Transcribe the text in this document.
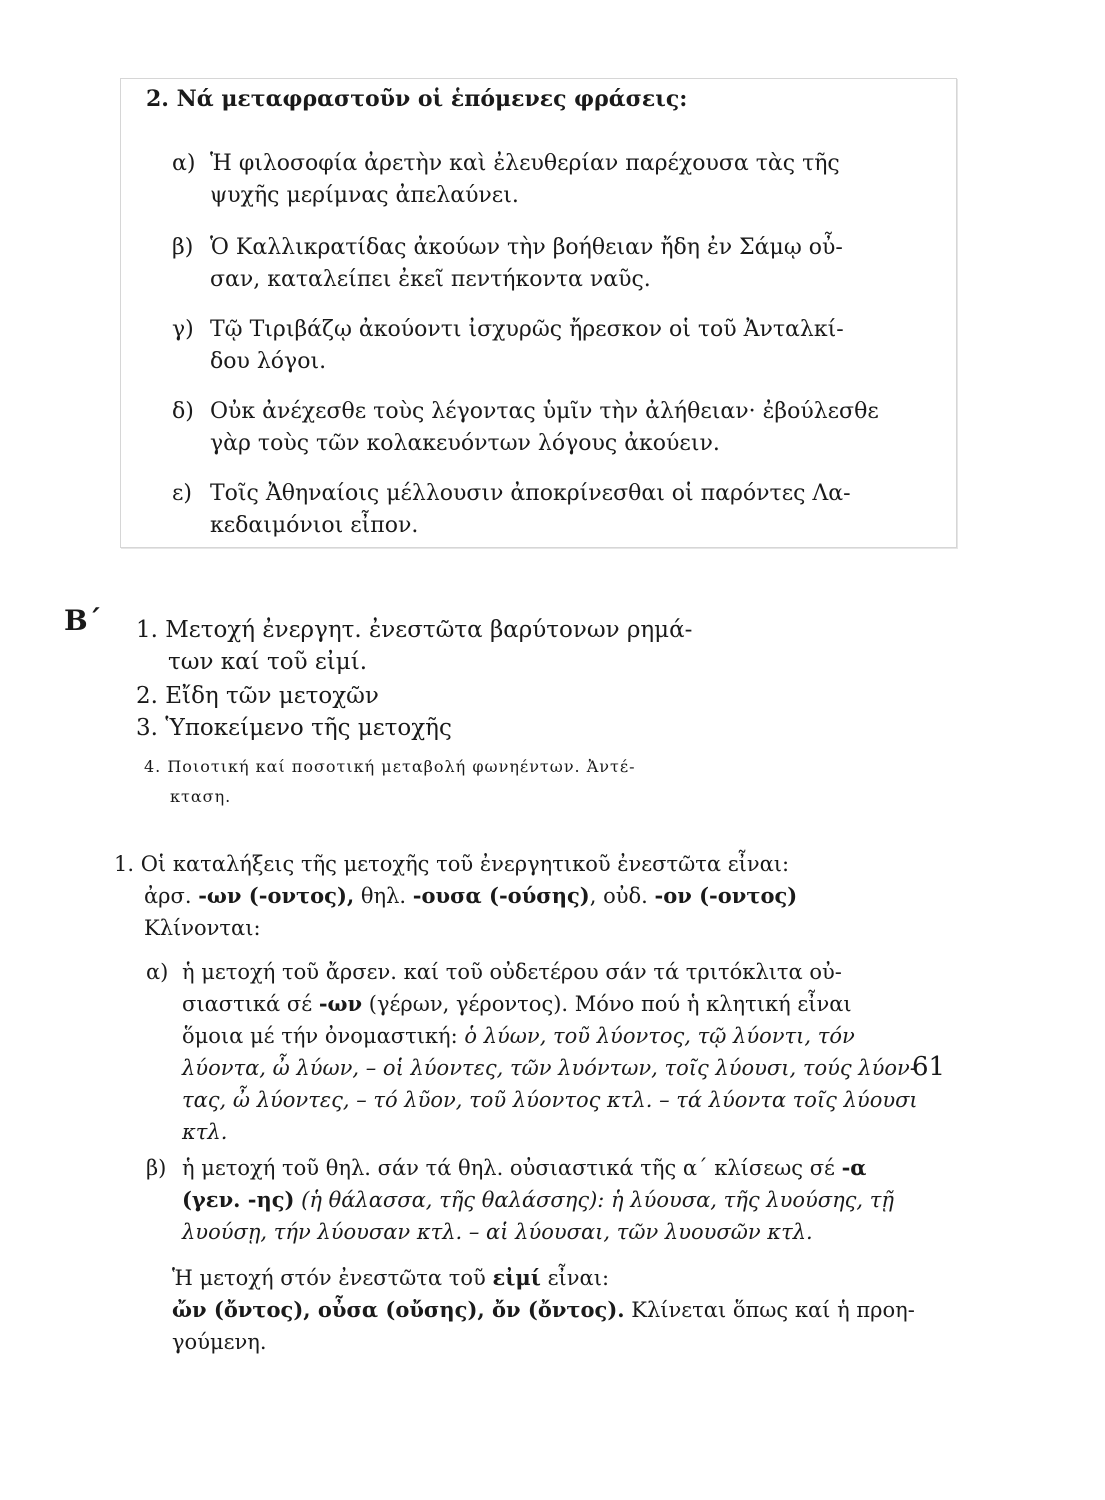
2. Νά μεταφραστοῦν οἱ ἑπόμενες φράσεις:
α) Ἡ φιλοσοφία ἀρετὴν καὶ ἐλευθερίαν παρέχουσα τὰς τῆς
ψυχῆς μερίμνας ἀπελαύνει.
β) Ὁ Καλλικρατίδας ἀκούων τὴν βοήθειαν ἤδη ἐν Σάμῳ οὖ-
σαν, καταλείπει ἐκεῖ πεντήκοντα ναῦς.
γ) Τῷ Τιριβάζῳ ἀκούοντι ἰσχυρῶς ἤρεσκον οἱ τοῦ Ἀνταλκί-
δου λόγοι.
δ) Οὐκ ἀνέχεσθε τοὺς λέγοντας ὑμῖν τὴν ἀλήθειαν· ἐβούλεσθε
γὰρ τοὺς τῶν κολακευόντων λόγους ἀκούειν.
ε) Τοῖς Ἀθηναίοις μέλλουσιν ἀποκρίνεσθαι οἱ παρόντες Λα-
κεδαιμόνιοι εἶπον.
Β΄ 1. Μετοχή ἐνεργητ. ἐνεστῶτα βαρύτονων ρημά-
των καί τοῦ εἰμί.
2. Εἴδη τῶν μετοχῶν
3. Ὑποκείμενο τῆς μετοχῆς
4. Ποιοτική καί ποσοτική μεταβολή φωνηέντων. Ἀντέ-
κταση.
1. Οἱ καταλήξεις τῆς μετοχῆς τοῦ ἐνεργητικοῦ ἐνεστῶτα εἶναι:
ἀρσ. -ων (-οντος), θηλ. -ουσα (-ούσης), οὐδ. -ον (-οντος)
Κλίνονται:
α) ἡ μετοχή τοῦ ἄρσεν. καί τοῦ οὐδετέρου σάν τά τριτόκλιτα οὐ-
σιαστικά σέ -ων (γέρων, γέροντος). Μόνο πού ἡ κλητική εἶναι
ὅμοια μέ τήν ὀνομαστική: ὁ λύων, τοῦ λύοντος, τῷ λύοντι, τόν
λύοντα, ὦ λύων, – οἱ λύοντες, τῶν λυόντων, τοῖς λύουσι, τούς λύον-
τας, ὦ λύοντες, – τό λῦον, τοῦ λύοντος κτλ. – τά λύοντα τοῖς λύουσι
κτλ.
β) ἡ μετοχή τοῦ θηλ. σάν τά θηλ. οὐσιαστικά τῆς α΄ κλίσεως σέ -α
(γεν. -ης) (ἡ θάλασσα, τῆς θαλάσσης): ἡ λύουσα, τῆς λυούσης, τῇ
λυούσῃ, τήν λύουσαν κτλ. – αἱ λύουσαι, τῶν λυουσῶν κτλ.
Ἡ μετοχή στόν ἐνεστῶτα τοῦ εἰμί εἶναι:
ὤν (ὄντος), οὖσα (οὔσης), ὄν (ὄντος). Κλίνεται ὅπως καί ἡ προη-
γούμενη.
61
